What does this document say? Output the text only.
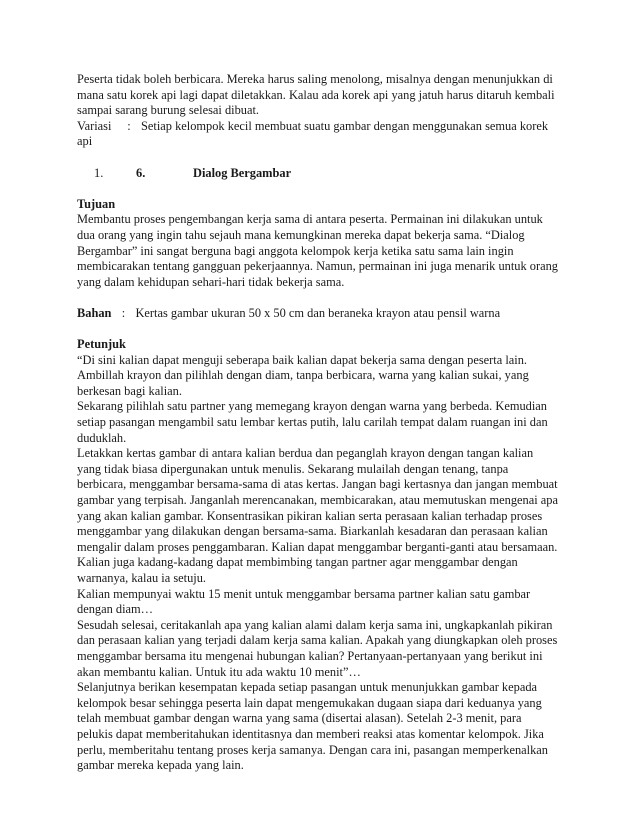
Peserta tidak boleh berbicara. Mereka harus saling menolong, misalnya dengan menunjukkan di
mana satu korek api lagi dapat diletakkan. Kalau ada korek api yang jatuh harus ditaruh kembali
sampai sarang burung selesai dibuat.
Variasi	: Setiap kelompok kecil membuat suatu gambar dengan menggunakan semua korek
api
1.	6.	Dialog Bergambar
Tujuan
Membantu proses pengembangan kerja sama di antara peserta. Permainan ini dilakukan untuk
dua orang yang ingin tahu sejauh mana kemungkinan mereka dapat bekerja sama. “Dialog
Bergambar” ini sangat berguna bagi anggota kelompok kerja ketika satu sama lain ingin
membicarakan tentang gangguan pekerjaannya. Namun, permainan ini juga menarik untuk orang
yang dalam kehidupan sehari-hari tidak bekerja sama.
Bahan : Kertas gambar ukuran 50 x 50 cm dan beraneka krayon atau pensil warna
Petunjuk
“Di sini kalian dapat menguji seberapa baik kalian dapat bekerja sama dengan peserta lain.
Ambillah krayon dan pilihlah dengan diam, tanpa berbicara, warna yang kalian sukai, yang
berkesan bagi kalian.
Sekarang pilihlah satu partner yang memegang krayon dengan warna yang berbeda. Kemudian
setiap pasangan mengambil satu lembar kertas putih, lalu carilah tempat dalam ruangan ini dan
duduklah.
Letakkan kertas gambar di antara kalian berdua dan peganglah krayon dengan tangan kalian
yang tidak biasa dipergunakan untuk menulis. Sekarang mulailah dengan tenang, tanpa
berbicara, menggambar bersama-sama di atas kertas. Jangan bagi kertasnya dan jangan membuat
gambar yang terpisah. Janganlah merencanakan, membicarakan, atau memutuskan mengenai apa
yang akan kalian gambar. Konsentrasikan pikiran kalian serta perasaan kalian terhadap proses
menggambar yang dilakukan dengan bersama-sama. Biarkanlah kesadaran dan perasaan kalian
mengalir dalam proses penggambaran. Kalian dapat menggambar berganti-ganti atau bersamaan.
Kalian juga kadang-kadang dapat membimbing tangan partner agar menggambar dengan
warnanya, kalau ia setuju.
Kalian mempunyai waktu 15 menit untuk menggambar bersama partner kalian satu gambar
dengan diam…
Sesudah selesai, ceritakanlah apa yang kalian alami dalam kerja sama ini, ungkapkanlah pikiran
dan perasaan kalian yang terjadi dalam kerja sama kalian. Apakah yang diungkapkan oleh proses
menggambar bersama itu mengenai hubungan kalian? Pertanyaan-pertanyaan yang berikut ini
akan membantu kalian. Untuk itu ada waktu 10 menit”…
Selanjutnya berikan kesempatan kepada setiap pasangan untuk menunjukkan gambar kepada
kelompok besar sehingga peserta lain dapat mengemukakan dugaan siapa dari keduanya yang
telah membuat gambar dengan warna yang sama (disertai alasan). Setelah 2-3 menit, para
pelukis dapat memberitahukan identitasnya dan memberi reaksi atas komentar kelompok. Jika
perlu, memberitahu tentang proses kerja samanya. Dengan cara ini, pasangan memperkenalkan
gambar mereka kepada yang lain.
